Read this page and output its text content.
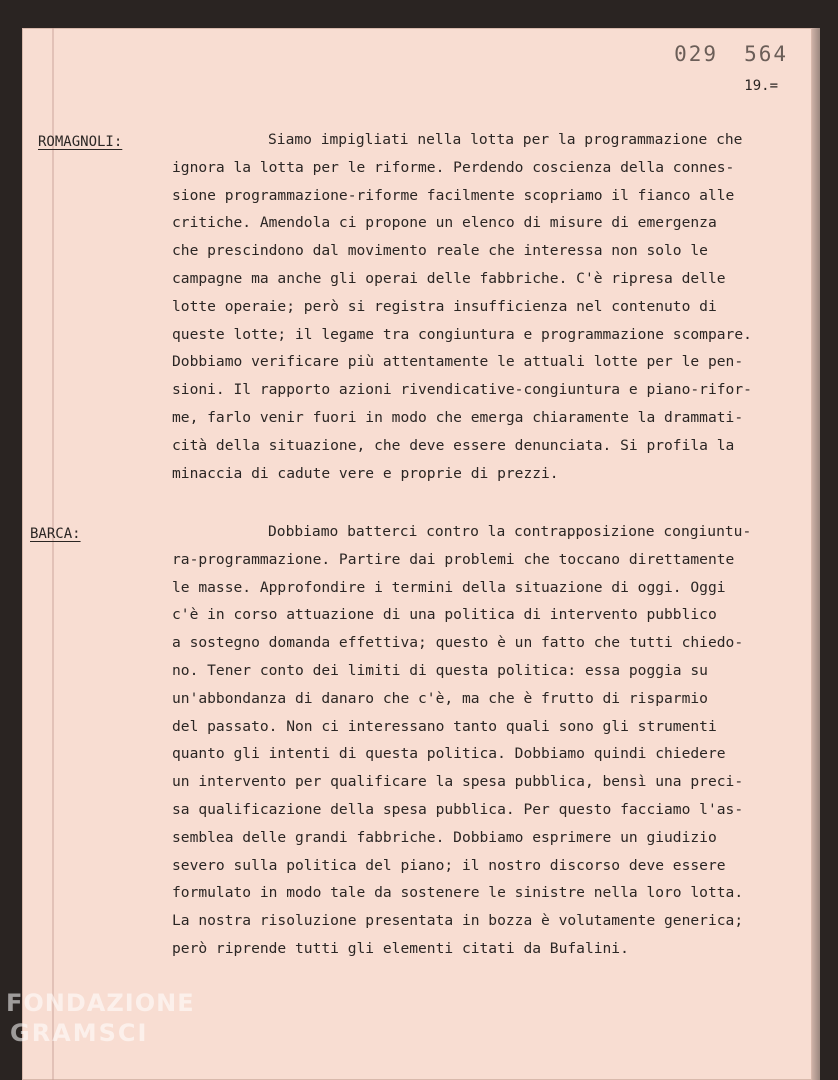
029 564
19.=
ROMAGNOLI:	Siamo impigliati nella lotta per la programmazione che
ignora la lotta per le riforme. Perdendo coscienza della connes-
sione programmazione-riforme facilmente scopriamo il fianco alle
critiche. Amendola ci propone un elenco di misure di emergenza
che prescindono dal movimento reale che interessa non solo le
campagne ma anche gli operai delle fabbriche. C'è ripresa delle
lotte operaie; però si registra insufficienza nel contenuto di
queste lotte; il legame tra congiuntura e programmazione scompare.
Dobbiamo verificare più attentamente le attuali lotte per le pen-
sioni. Il rapporto azioni rivendicative-congiuntura e piano-rifor-
me, farlo venir fuori in modo che emerga chiaramente la drammati-
cità della situazione, che deve essere denunciata. Si profila la
minaccia di cadute vere e proprie di prezzi.
BARCA:	Dobbiamo batterci contro la contrapposizione congiuntu-
ra-programmazione. Partire dai problemi che toccano direttamente
le masse. Approfondire i termini della situazione di oggi. Oggi
c'è in corso attuazione di una politica di intervento pubblico
a sostegno domanda effettiva; questo è un fatto che tutti chiedo-
no. Tener conto dei limiti di questa politica: essa poggia su
un'abbondanza di danaro che c'è, ma che è frutto di risparmio
del passato. Non ci interessano tanto quali sono gli strumenti
quanto gli intenti di questa politica. Dobbiamo quindi chiedere
un intervento per qualificare la spesa pubblica, bensì una preci-
sa qualificazione della spesa pubblica. Per questo facciamo l'as-
semblea delle grandi fabbriche. Dobbiamo esprimere un giudizio
severo sulla politica del piano; il nostro discorso deve essere
formulato in modo tale da sostenere le sinistre nella loro lotta.
La nostra risoluzione presentata in bozza è volutamente generica;
però riprende tutti gli elementi citati da Bufalini.
FONDAZIONE
GRAMSCI
